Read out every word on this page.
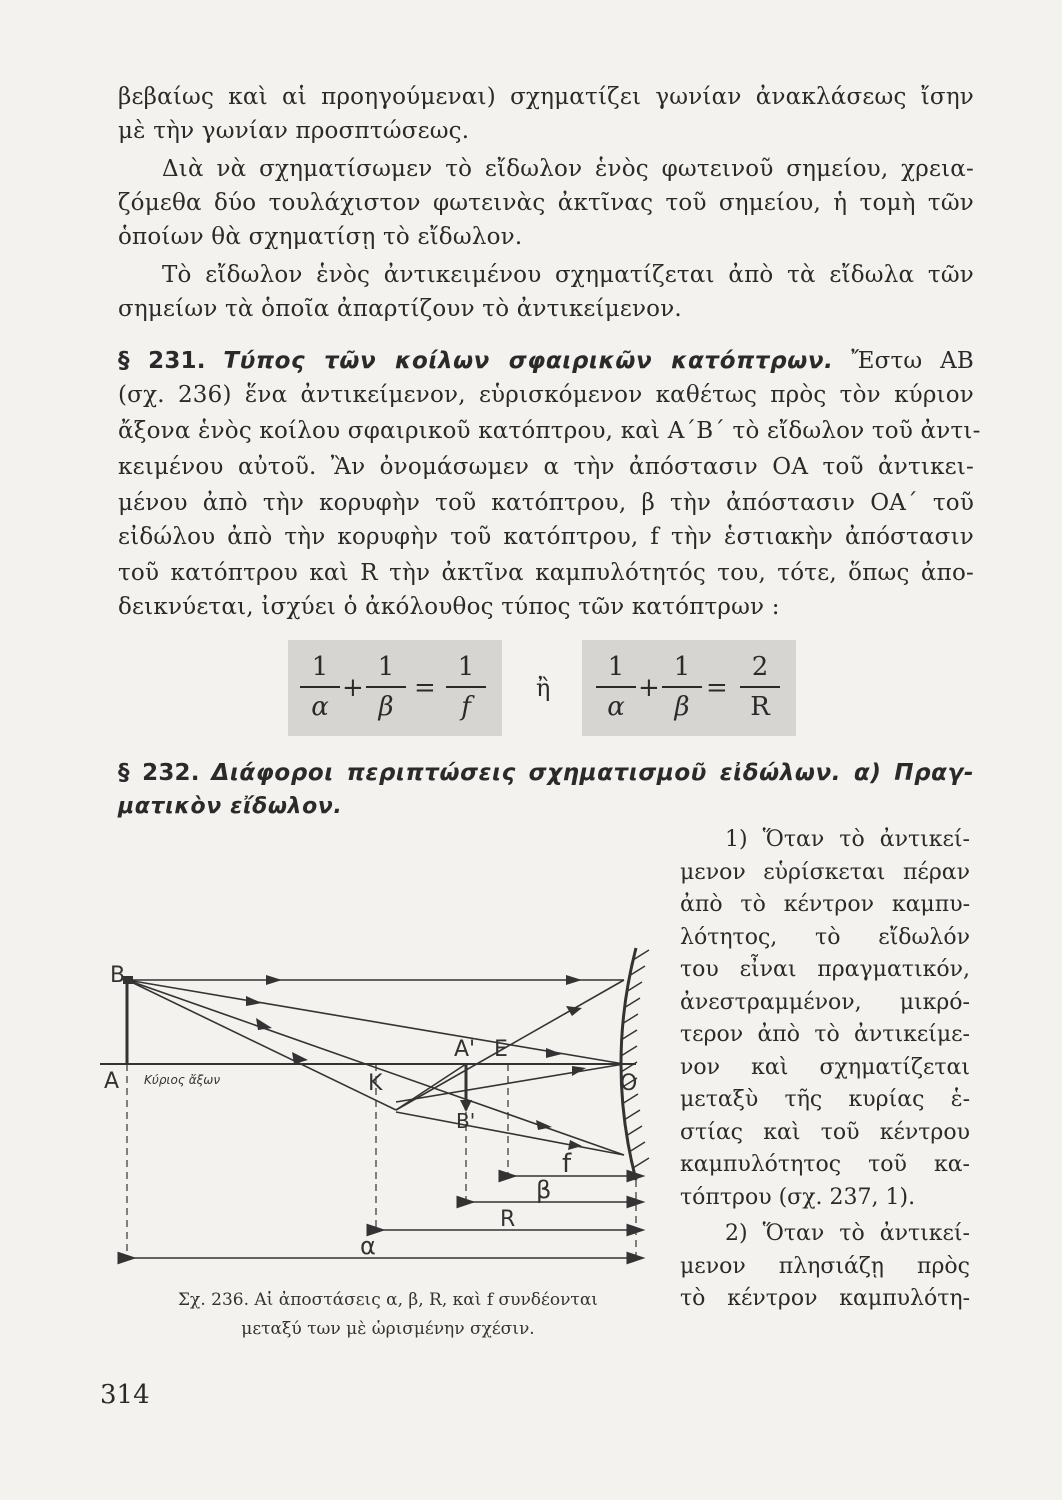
βεβαίως καὶ αἱ προηγούμεναι) σχηματίζει γωνίαν ἀνακλάσεως ἴσην
μὲ τὴν γωνίαν προσπτώσεως.
Διὰ νὰ σχηματίσωμεν τὸ εἴδωλον ἑνὸς φωτεινοῦ σημείου, χρεια-
ζόμεθα δύο τουλάχιστον φωτεινὰς ἀκτῖνας τοῦ σημείου, ἡ τομὴ τῶν
ὁποίων θὰ σχηματίσῃ τὸ εἴδωλον.
Τὸ εἴδωλον ἑνὸς ἀντικειμένου σχηματίζεται ἀπὸ τὰ εἴδωλα τῶν
σημείων τὰ ὁποῖα ἀπαρτίζουν τὸ ἀντικείμενον.
§ 231. Τύπος τῶν κοίλων σφαιρικῶν κατόπτρων. Ἔστω ΑΒ
(σχ. 236) ἕνα ἀντικείμενον, εὑρισκόμενον καθέτως πρὸς τὸν κύριον
ἄξονα ἑνὸς κοίλου σφαιρικοῦ κατόπτρου, καὶ Α΄Β΄ τὸ εἴδωλον τοῦ ἀντι-
κειμένου αὐτοῦ. Ἂν ὀνομάσωμεν α τὴν ἀπόστασιν ΟΑ τοῦ ἀντικει-
μένου ἀπὸ τὴν κορυφὴν τοῦ κατόπτρου, β τὴν ἀπόστασιν ΟΑ΄ τοῦ
εἰδώλου ἀπὸ τὴν κορυφὴν τοῦ κατόπτρου, f τὴν ἑστιακὴν ἀπόστασιν
τοῦ κατόπτρου καὶ R τὴν ἀκτῖνα καμπυλότητός του, τότε, ὅπως ἀπο-
δεικνύεται, ἰσχύει ὁ ἀκόλουθος τύπος τῶν κατόπτρων :
1
α
+
1
β
=
1
f
ἢ
1
α
+
1
β
=
2
R
§ 232. Διάφοροι περιπτώσεις σχηματισμοῦ εἰδώλων. α) Πραγ-
ματικὸν εἴδωλον.
1) Ὅταν τὸ ἀντικεί-
μενον εὑρίσκεται πέραν
ἀπὸ τὸ κέντρον καμπυ-
λότητος, τὸ εἴδωλόν
του εἶναι πραγματικόν,
ἀνεστραμμένον, μικρό-
τερον ἀπὸ τὸ ἀντικείμε-
νον καὶ σχηματίζεται
μεταξὺ τῆς κυρίας ἑ-
στίας καὶ τοῦ κέντρου
καμπυλότητος τοῦ κα-
τόπτρου (σχ. 237, 1).
2) Ὅταν τὸ ἀντικεί-
μενον πλησιάζῃ πρὸς
τὸ κέντρον καμπυλότη-
B
A Κύριος ἄξων	K
A' E
O
B'
f
β
R
α
Σχ. 236. Αἱ ἀποστάσεις α, β, R, καὶ f συνδέονται
μεταξύ των μὲ ὡρισμένην σχέσιν.
314
